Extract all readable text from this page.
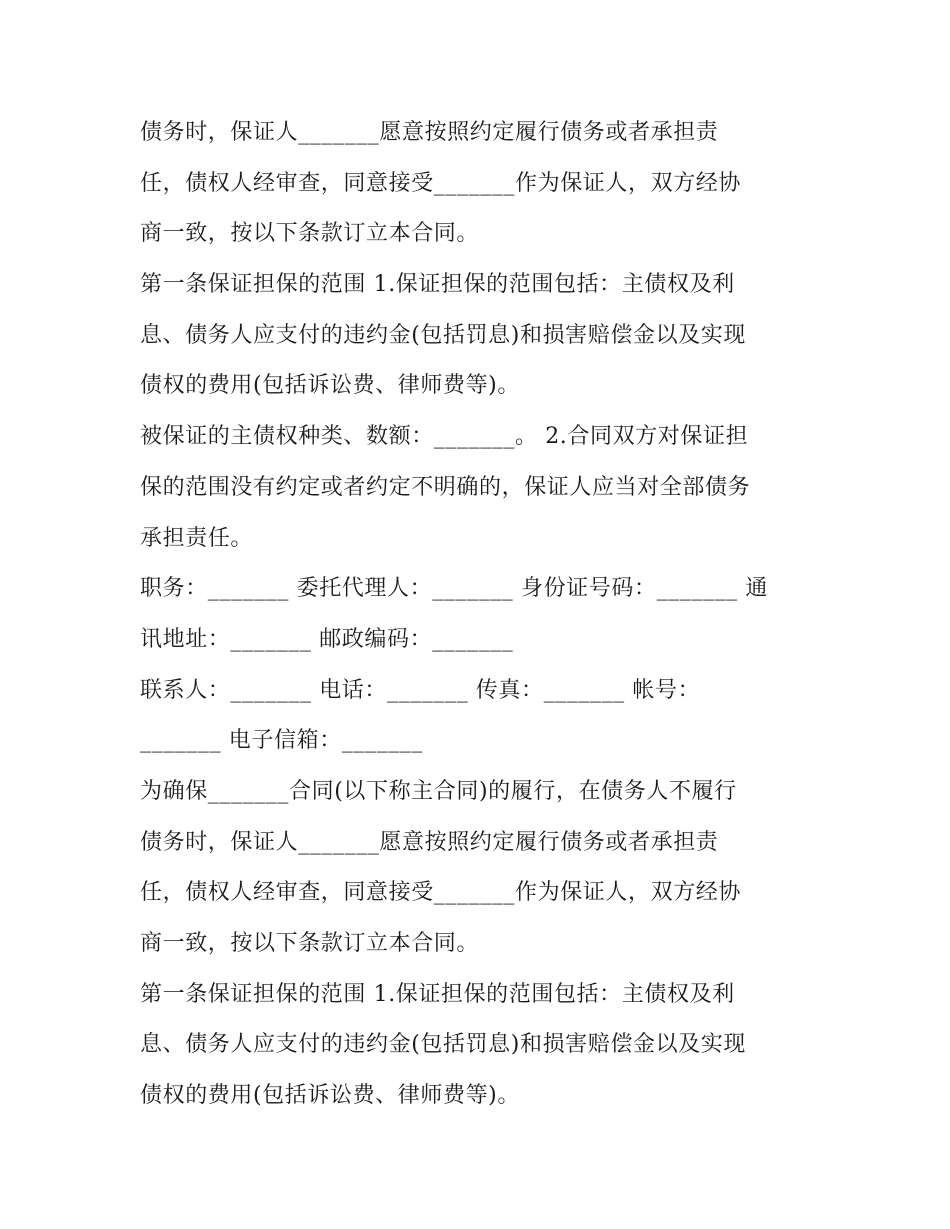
债务时，保证人_______愿意按照约定履行债务或者承担责
任，债权人经审查，同意接受_______作为保证人，双方经协
商一致，按以下条款订立本合同。
第一条保证担保的范围 1.保证担保的范围包括：主债权及利
息、债务人应支付的违约金(包括罚息)和损害赔偿金以及实现
债权的费用(包括诉讼费、律师费等)。
被保证的主债权种类、数额：_______。 2.合同双方对保证担
保的范围没有约定或者约定不明确的，保证人应当对全部债务
承担责任。
职务：_______ 委托代理人：_______ 身份证号码：_______ 通
讯地址：_______ 邮政编码：_______
联系人：_______ 电话：_______ 传真：_______ 帐号：
_______ 电子信箱：_______
为确保_______合同(以下称主合同)的履行，在债务人不履行
债务时，保证人_______愿意按照约定履行债务或者承担责
任，债权人经审查，同意接受_______作为保证人，双方经协
商一致，按以下条款订立本合同。
第一条保证担保的范围 1.保证担保的范围包括：主债权及利
息、债务人应支付的违约金(包括罚息)和损害赔偿金以及实现
债权的费用(包括诉讼费、律师费等)。
